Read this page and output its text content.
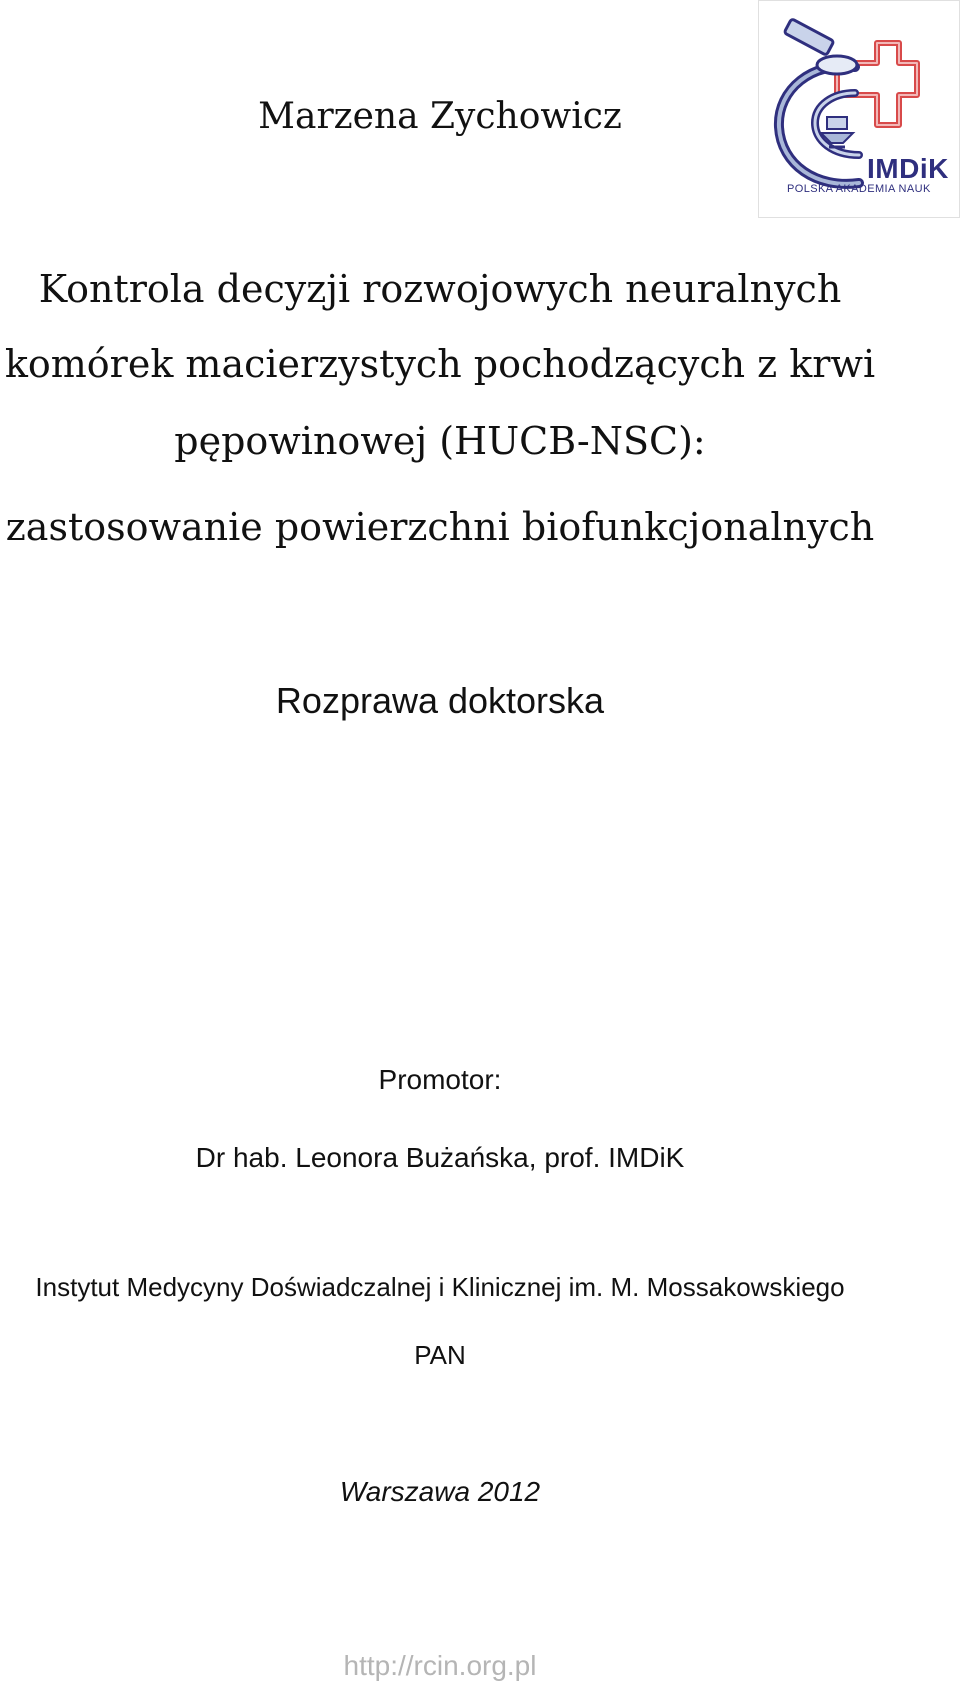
IMDiK
POLSKA AKADEMIA NAUK
Marzena Zychowicz
Kontrola decyzji rozwojowych neuralnych
komórek macierzystych pochodzących z krwi
pępowinowej (HUCB-NSC):
zastosowanie powierzchni biofunkcjonalnych
Rozprawa doktorska
Promotor:
Dr hab. Leonora Bużańska, prof. IMDiK
Instytut Medycyny Doświadczalnej i Klinicznej im. M. Mossakowskiego
PAN
Warszawa 2012
http://rcin.org.pl
